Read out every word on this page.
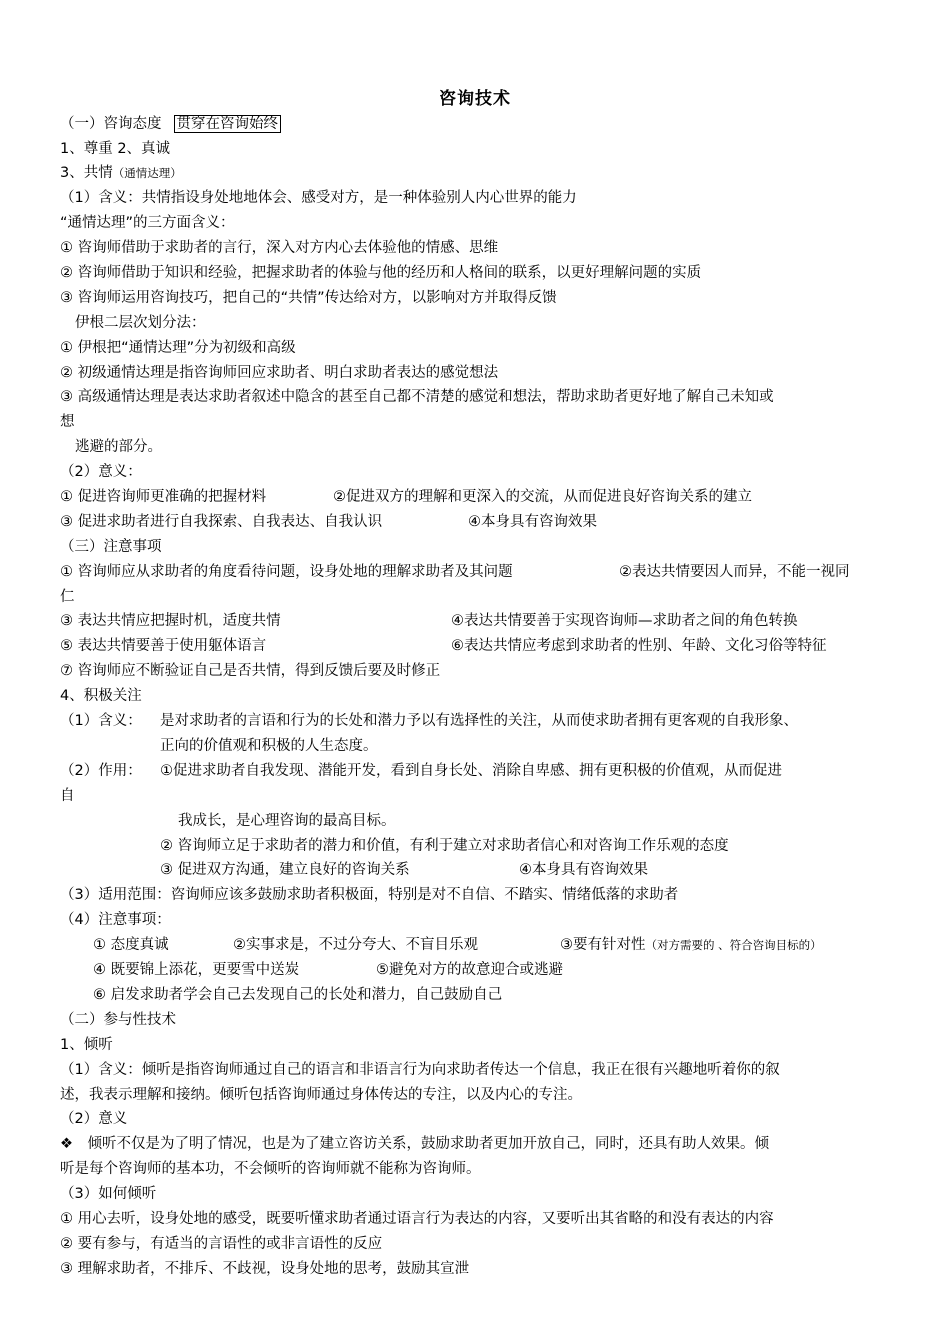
咨询技术
（一）咨询态度 贯穿在咨询始终
1、尊重 2、真诚
3、共情（通情达理）
（1）含义：共情指设身处地地体会、感受对方，是一种体验别人内心世界的能力
“通情达理”的三方面含义：
① 咨询师借助于求助者的言行，深入对方内心去体验他的情感、思维
② 咨询师借助于知识和经验，把握求助者的体验与他的经历和人格间的联系，以更好理解问题的实质
③ 咨询师运用咨询技巧，把自己的“共情”传达给对方，以影响对方并取得反馈
伊根二层次划分法：
① 伊根把“通情达理”分为初级和高级
② 初级通情达理是指咨询师回应求助者、明白求助者表达的感觉想法
③ 高级通情达理是表达求助者叙述中隐含的甚至自己都不清楚的感觉和想法，帮助求助者更好地了解自己未知或
想
逃避的部分。
（2）意义：
① 促进咨询师更准确的把握材料	②促进双方的理解和更深入的交流，从而促进良好咨询关系的建立
③ 促进求助者进行自我探索、自我表达、自我认识	④本身具有咨询效果
（三）注意事项
① 咨询师应从求助者的角度看待问题，设身处地的理解求助者及其问题	②表达共情要因人而异，不能一视同
仁
③ 表达共情应把握时机，适度共情	④表达共情要善于实现咨询师—求助者之间的角色转换
⑤ 表达共情要善于使用躯体语言	⑥表达共情应考虑到求助者的性别、年龄、文化习俗等特征
⑦ 咨询师应不断验证自己是否共情，得到反馈后要及时修正
4、积极关注
（1）含义： 是对求助者的言语和行为的长处和潜力予以有选择性的关注，从而使求助者拥有更客观的自我形象、
正向的价值观和积极的人生态度。
（2）作用： ①促进求助者自我发现、潜能开发，看到自身长处、消除自卑感、拥有更积极的价值观，从而促进
自
我成长，是心理咨询的最高目标。
② 咨询师立足于求助者的潜力和价值，有利于建立对求助者信心和对咨询工作乐观的态度
③ 促进双方沟通，建立良好的咨询关系	④本身具有咨询效果
（3）适用范围：咨询师应该多鼓励求助者积极面，特别是对不自信、不踏实、情绪低落的求助者
（4）注意事项：
① 态度真诚	②实事求是，不过分夸大、不盲目乐观	③要有针对性（对方需要的 、符合咨询目标的）
④ 既要锦上添花，更要雪中送炭	⑤避免对方的故意迎合或逃避
⑥ 启发求助者学会自己去发现自己的长处和潜力，自己鼓励自己
（二）参与性技术
1、倾听
（1）含义：倾听是指咨询师通过自己的语言和非语言行为向求助者传达一个信息，我正在很有兴趣地听着你的叙
述，我表示理解和接纳。倾听包括咨询师通过身体传达的专注，以及内心的专注。
（2）意义
❖　倾听不仅是为了明了情况，也是为了建立咨访关系，鼓励求助者更加开放自己，同时，还具有助人效果。倾
听是每个咨询师的基本功，不会倾听的咨询师就不能称为咨询师。
（3）如何倾听
① 用心去听，设身处地的感受，既要听懂求助者通过语言行为表达的内容，又要听出其省略的和没有表达的内容
② 要有参与，有适当的言语性的或非言语性的反应
③ 理解求助者，不排斥、不歧视，设身处地的思考，鼓励其宣泄
